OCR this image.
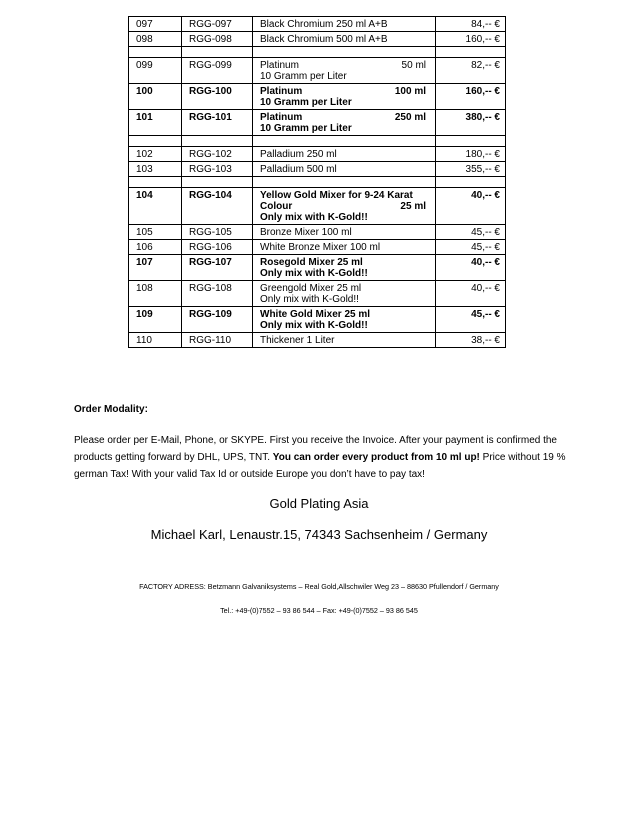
097	RGG-097	Black Chromium 250 ml A+B	84,-- €
098	RGG-098	Black Chromium 500 ml A+B	160,-- €

099	RGG-099	Platinum 50 ml
10 Gramm per Liter	82,-- €
100	RGG-100	Platinum 100 ml
10 Gramm per Liter	160,-- €
101	RGG-101	Platinum 250 ml
10 Gramm per Liter	380,-- €

102	RGG-102	Palladium 250 ml	180,-- €
103	RGG-103	Palladium 500 ml	355,-- €

104	RGG-104	Yellow Gold Mixer for 9-24 Karat
Colour 25 ml
Only mix with K-Gold!!	40,-- €
105	RGG-105	Bronze Mixer 100 ml	45,-- €
106	RGG-106	White Bronze Mixer 100 ml	45,-- €
107	RGG-107	Rosegold Mixer 25 ml
Only mix with K-Gold!!	40,-- €
108	RGG-108	Greengold Mixer 25 ml
Only mix with K-Gold!!	40,-- €
109	RGG-109	White Gold Mixer 25 ml
Only mix with K-Gold!!	45,-- €
110	RGG-110	Thickener 1 Liter	38,-- €
Order Modality:
Please order per E-Mail, Phone, or SKYPE. First you receive the Invoice. After your payment is confirmed the products getting forward by DHL, UPS, TNT. You can order every product from 10 ml up! Price without 19 % german Tax! With your valid Tax Id or outside Europe you don’t have to pay tax!
Gold Plating Asia
Michael Karl, Lenaustr.15, 74343 Sachsenheim / Germany
FACTORY ADRESS: Betzmann Galvaniksystems – Real Gold,Allschwiler Weg 23 – 88630 Pfullendorf / Germany
Tel.: +49-(0)7552 – 93 86 544 – Fax: +49-(0)7552 – 93 86 545
